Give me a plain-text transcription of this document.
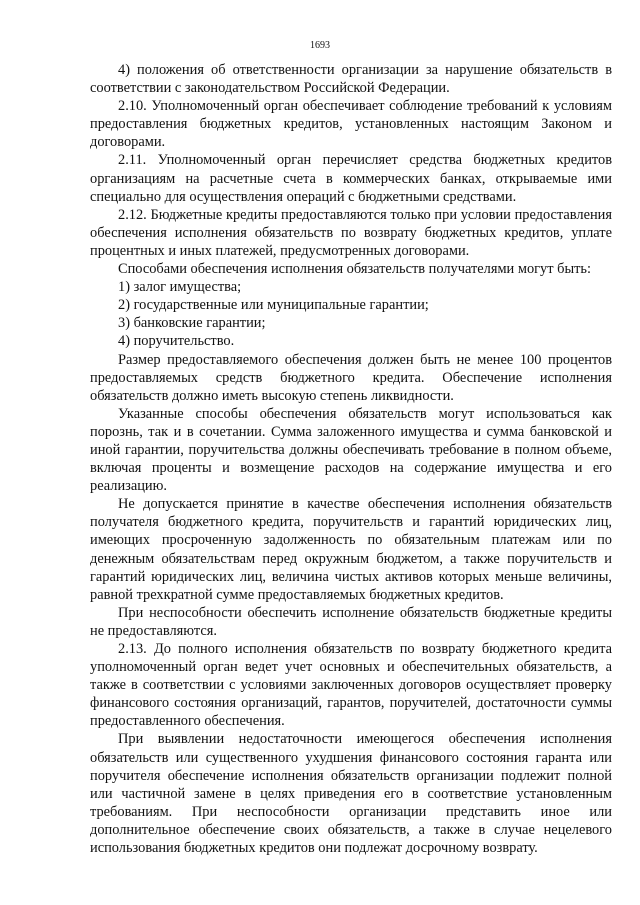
1693

4) положения об ответственности организации за нарушение обязательств в соответствии с законодательством Российской Федерации.

2.10. Уполномоченный орган обеспечивает соблюдение требований к условиям предоставления бюджетных кредитов, установленных настоящим Законом и договорами.

2.11. Уполномоченный орган перечисляет средства бюджетных кредитов организациям на расчетные счета в коммерческих банках, открываемые ими специально для осуществления операций с бюджетными средствами.

2.12. Бюджетные кредиты предоставляются только при условии предоставления обеспечения исполнения обязательств по возврату бюджетных кредитов, уплате процентных и иных платежей, предусмотренных договорами.

Способами обеспечения исполнения обязательств получателями могут быть:

1) залог имущества;

2) государственные или муниципальные гарантии;

3) банковские гарантии;

4) поручительство.

Размер предоставляемого обеспечения должен быть не менее 100 процентов предоставляемых средств бюджетного кредита. Обеспечение исполнения обязательств должно иметь высокую степень ликвидности.

Указанные способы обеспечения обязательств могут использоваться как порознь, так и в сочетании. Сумма заложенного имущества и сумма банковской и иной гарантии, поручительства должны обеспечивать требование в полном объеме, включая проценты и возмещение расходов на содержание имущества и его реализацию.

Не допускается принятие в качестве обеспечения исполнения обязательств получателя бюджетного кредита, поручительств и гарантий юридических лиц, имеющих просроченную задолженность по обязательным платежам или по денежным обязательствам перед окружным бюджетом, а также поручительств и гарантий юридических лиц, величина чистых активов которых меньше величины, равной трехкратной сумме предоставляемых бюджетных кредитов.

При неспособности обеспечить исполнение обязательств бюджетные кредиты не предоставляются.

2.13. До полного исполнения обязательств по возврату бюджетного кредита уполномоченный орган ведет учет основных и обеспечительных обязательств, а также в соответствии с условиями заключенных договоров осуществляет проверку финансового состояния организаций, гарантов, поручителей, достаточности суммы предоставленного обеспечения.

При выявлении недостаточности имеющегося обеспечения исполнения обязательств или существенного ухудшения финансового состояния гаранта или поручителя обеспечение исполнения обязательств организации подлежит полной или частичной замене в целях приведения его в соответствие установленным требованиям. При неспособности организации представить иное или дополнительное обеспечение своих обязательств, а также в случае нецелевого использования бюджетных кредитов они подлежат досрочному возврату.
